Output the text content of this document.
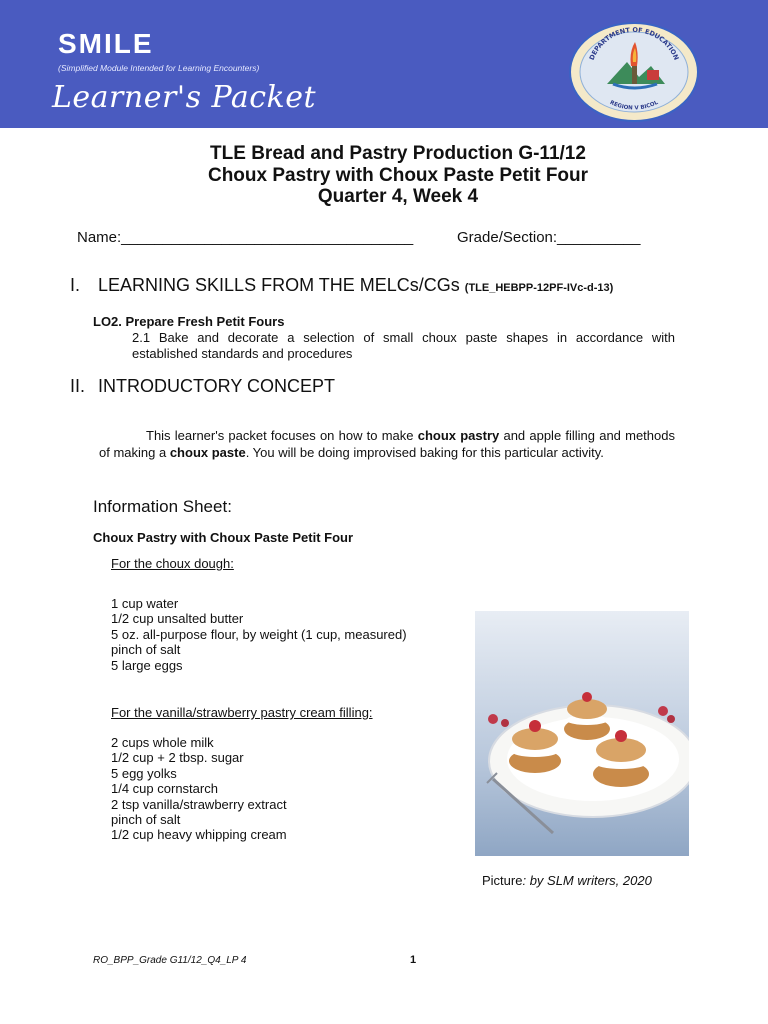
SMILE
(Simplified Module Intended for Learning Encounters)
Learner's Packet
DEPARTMENT OF EDUCATION
REGION V BICOL
TLE Bread and Pastry Production G-11/12
Choux Pastry with Choux Paste Petit Four
Quarter 4, Week 4
Name:___________________________________	Grade/Section:__________
I. LEARNING SKILLS FROM THE MELCs/CGs (TLE_HEBPP-12PF-IVc-d-13)
LO2. Prepare Fresh Petit Fours
2.1 Bake and decorate a selection of small choux paste shapes in accordance with established standards and procedures
II. INTRODUCTORY CONCEPT

This learner's packet focuses on how to make choux pastry and apple filling and methods of making a choux paste. You will be doing improvised baking for this particular activity.

Information Sheet:
Choux Pastry with Choux Paste Petit Four
For the choux dough:
1 cup water
1/2 cup unsalted butter
5 oz. all-purpose flour, by weight (1 cup, measured)
pinch of salt
5 large eggs
For the vanilla/strawberry pastry cream filling:
2 cups whole milk
1/2 cup + 2 tbsp. sugar
5 egg yolks
1/4 cup cornstarch
2 tsp vanilla/strawberry extract
pinch of salt
1/2 cup heavy whipping cream
Picture: by SLM writers, 2020
RO_BPP_Grade G11/12_Q4_LP 4	1
